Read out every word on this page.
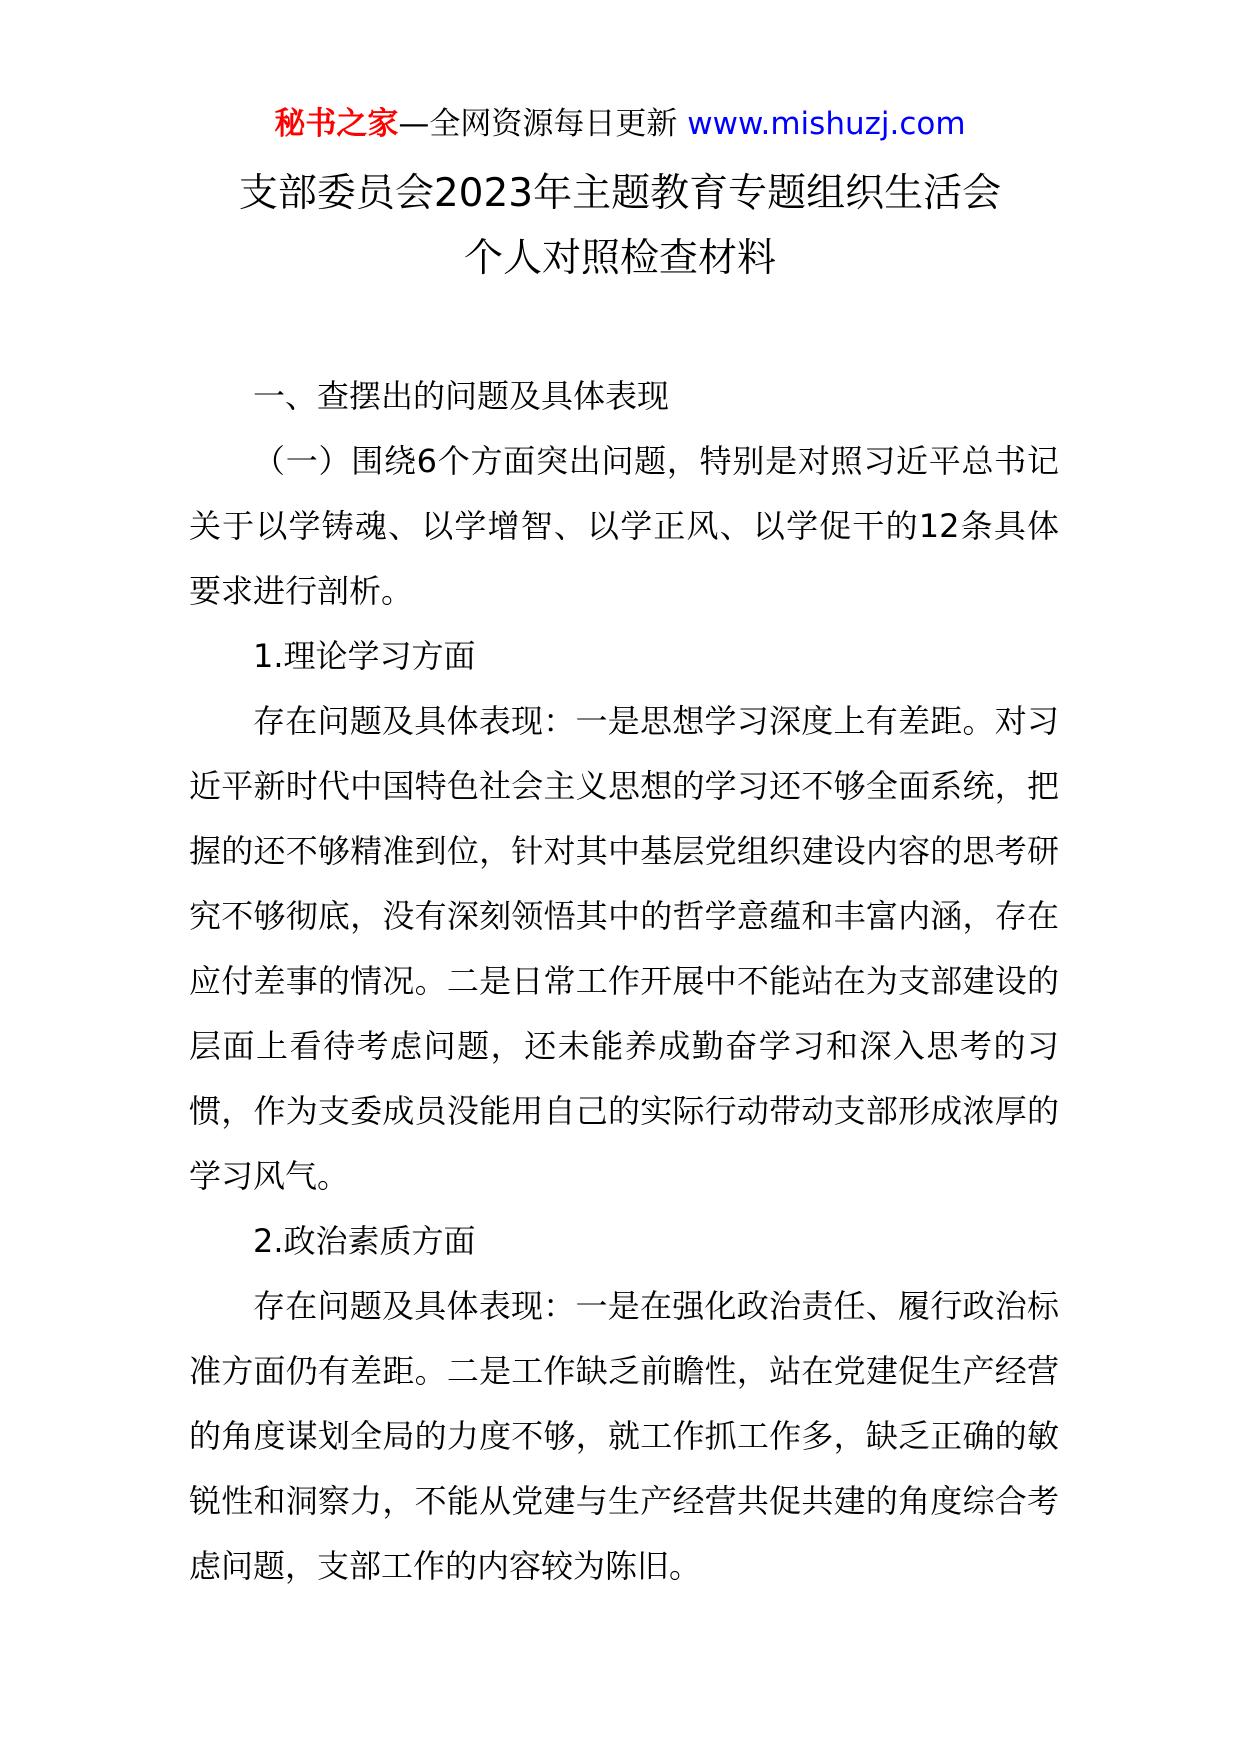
秘书之家—全网资源每日更新 www.mishuzj.com
支部委员会2023年主题教育专题组织生活会
个人对照检查材料

一、查摆出的问题及具体表现

（一）围绕6个方面突出问题，特别是对照习近平总书记关于以学铸魂、以学增智、以学正风、以学促干的12条具体要求进行剖析。

1.理论学习方面

存在问题及具体表现：一是思想学习深度上有差距。对习近平新时代中国特色社会主义思想的学习还不够全面系统，把握的还不够精准到位，针对其中基层党组织建设内容的思考研究不够彻底，没有深刻领悟其中的哲学意蕴和丰富内涵，存在应付差事的情况。二是日常工作开展中不能站在为支部建设的层面上看待考虑问题，还未能养成勤奋学习和深入思考的习惯，作为支委成员没能用自己的实际行动带动支部形成浓厚的学习风气。

2.政治素质方面

存在问题及具体表现：一是在强化政治责任、履行政治标准方面仍有差距。二是工作缺乏前瞻性，站在党建促生产经营的角度谋划全局的力度不够，就工作抓工作多，缺乏正确的敏锐性和洞察力，不能从党建与生产经营共促共建的角度综合考虑问题，支部工作的内容较为陈旧。
